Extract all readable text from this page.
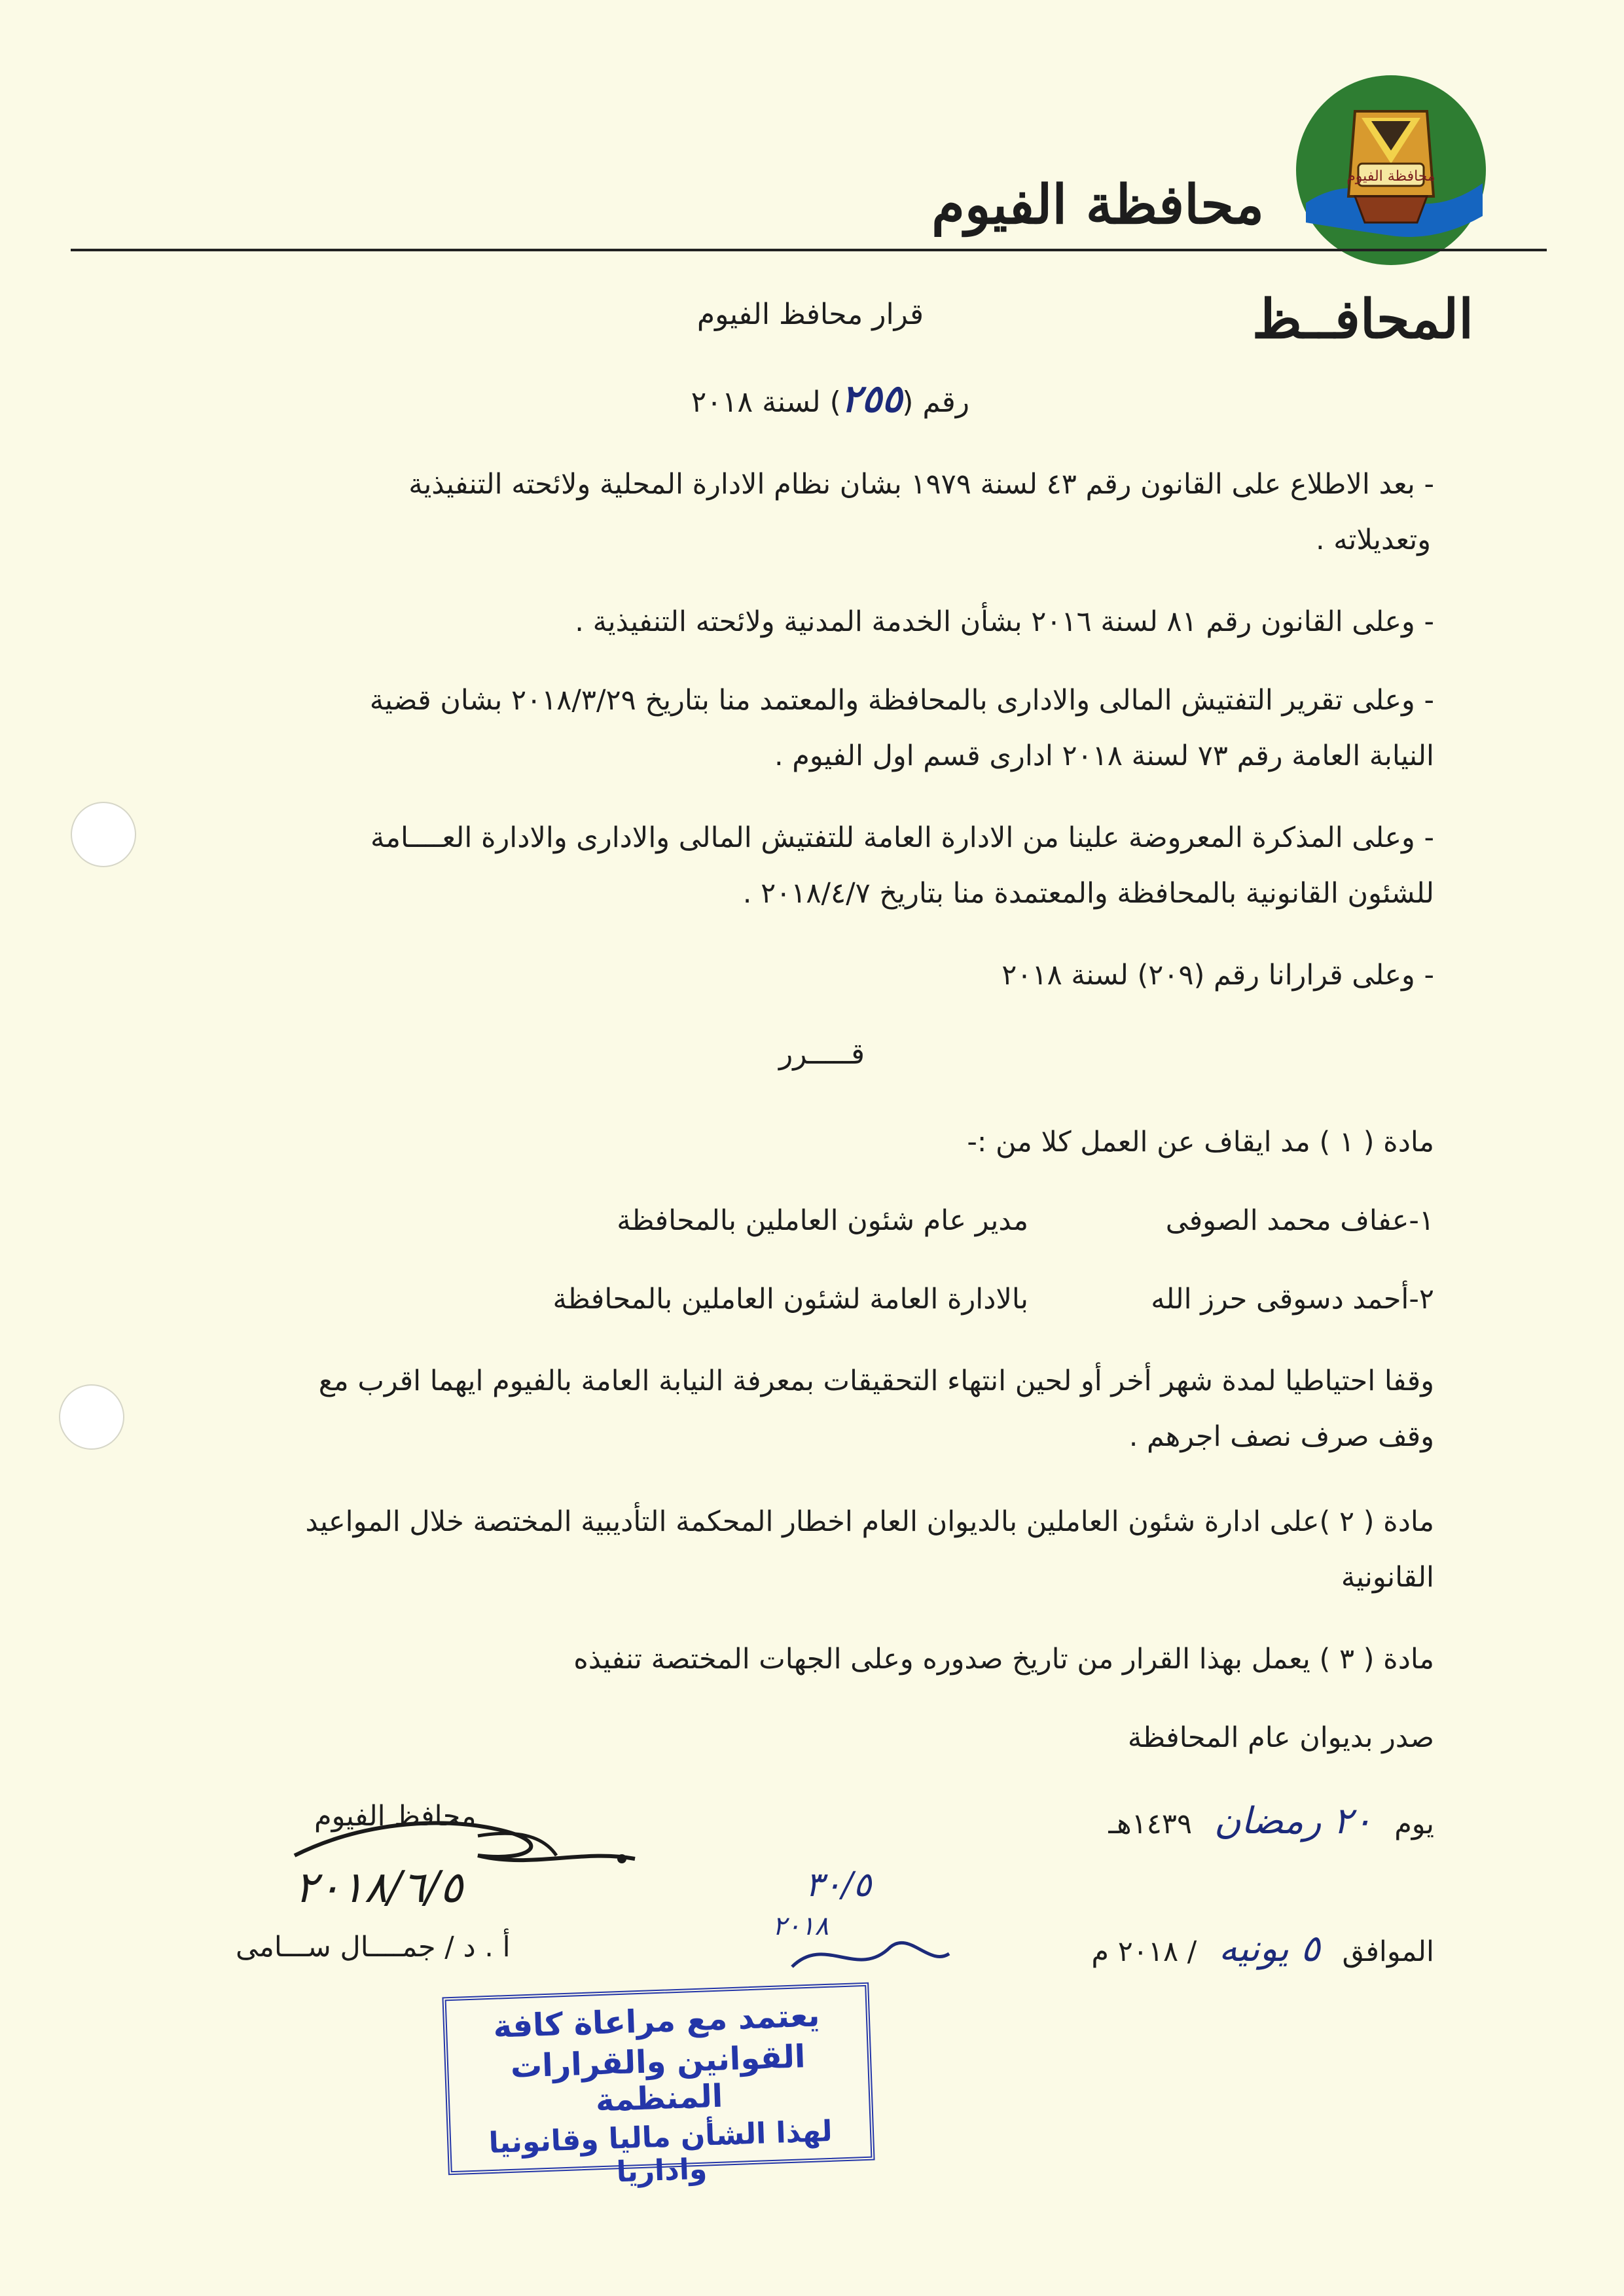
محافظة الفيوم
محافظة الفيوم
المحافــظ
قرار محافظ الفيوم
رقم (٢٥٥) لسنة ٢٠١٨
- بعد الاطلاع على القانون رقم ٤٣ لسنة ١٩٧٩ بشان نظام الادارة المحلية ولائحته التنفيذية
وتعديلاته .
- وعلى القانون رقم ٨١ لسنة ٢٠١٦ بشأن الخدمة المدنية ولائحته التنفيذية .
- وعلى تقرير التفتيش المالى والادارى بالمحافظة والمعتمد منا بتاريخ ٢٠١٨/٣/٢٩ بشان قضية
النيابة العامة رقم ٧٣ لسنة ٢٠١٨ ادارى قسم اول الفيوم .
- وعلى المذكرة المعروضة علينا من الادارة العامة للتفتيش المالى والادارى والادارة العــــامة
للشئون القانونية بالمحافظة والمعتمدة منا بتاريخ ٢٠١٨/٤/٧ .
- وعلى قرارانا رقم (٢٠٩) لسنة ٢٠١٨
قـــــرر
مادة ( ١ ) مد ايقاف عن العمل كلا من :-
١-عفاف محمد الصوفى
مدير عام شئون العاملين بالمحافظة
٢-أحمد دسوقى حرز الله
بالادارة العامة لشئون العاملين بالمحافظة
وقفا احتياطيا لمدة شهر أخر أو لحين انتهاء التحقيقات بمعرفة النيابة العامة بالفيوم ايهما اقرب مع
وقف صرف نصف اجرهم .
مادة ( ٢ )على ادارة شئون العاملين بالديوان العام اخطار المحكمة التأديبية المختصة خلال المواعيد
القانونية
مادة ( ٣ ) يعمل بهذا القرار من تاريخ صدوره وعلى الجهات المختصة تنفيذه
صدر بديوان عام المحافظة
يوم ٢٠ رمضان ١٤٣٩هـ
الموافق ٥ يونيه / ٢٠١٨ م
محافظ الفيوم
٢٠١٨/٦/٥
أ . د / جمــــال ســـامى
٣٠/٥
٢٠١٨
يعتمد مع مراعاة كافة
القوانين والقرارات المنظمة
لهذا الشأن ماليا وقانونيا واداريا
